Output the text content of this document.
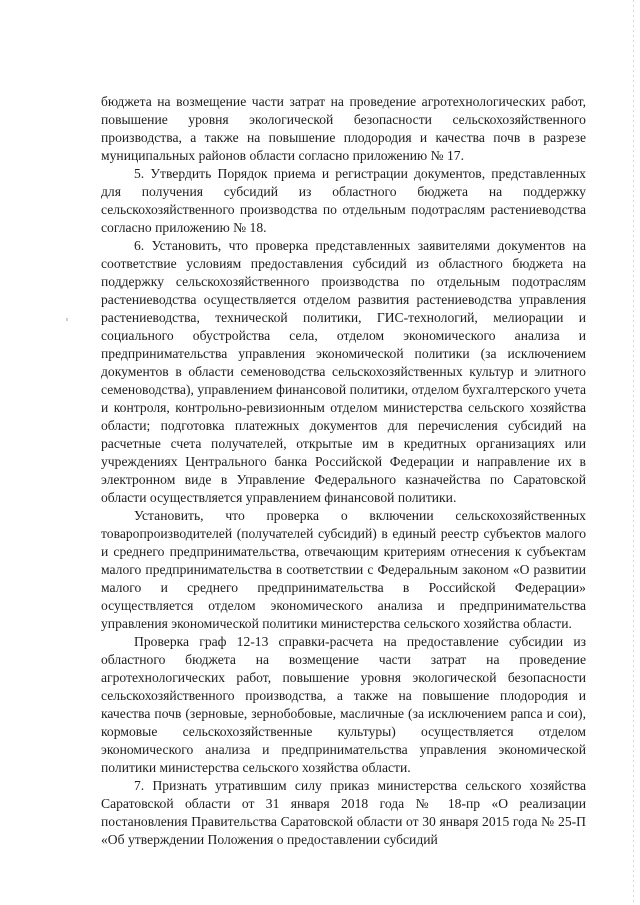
бюджета на возмещение части затрат на проведение агротехнологических работ, повышение уровня экологической безопасности сельскохозяйственного производства, а также на повышение плодородия и качества почв в разрезе муниципальных районов области согласно приложению № 17.

5. Утвердить Порядок приема и регистрации документов, представленных для получения субсидий из областного бюджета на поддержку сельскохозяйственного производства по отдельным подотраслям растениеводства согласно приложению № 18.

6. Установить, что проверка представленных заявителями документов на соответствие условиям предоставления субсидий из областного бюджета на поддержку сельскохозяйственного производства по отдельным подотраслям растениеводства осуществляется отделом развития растениеводства управления растениеводства, технической политики, ГИС-технологий, мелиорации и социального обустройства села, отделом экономического анализа и предпринимательства управления экономической политики (за исключением документов в области семеноводства сельскохозяйственных культур и элитного семеноводства), управлением финансовой политики, отделом бухгалтерского учета и контроля, контрольно-ревизионным отделом министерства сельского хозяйства области; подготовка платежных документов для перечисления субсидий на расчетные счета получателей, открытые им в кредитных организациях или учреждениях Центрального банка Российской Федерации и направление их в электронном виде в Управление Федерального казначейства по Саратовской области осуществляется управлением финансовой политики.

Установить, что проверка о включении сельскохозяйственных товаропроизводителей (получателей субсидий) в единый реестр субъектов малого и среднего предпринимательства, отвечающим критериям отнесения к субъектам малого предпринимательства в соответствии с Федеральным законом «О развитии малого и среднего предпринимательства в Российской Федерации» осуществляется отделом экономического анализа и предпринимательства управления экономической политики министерства сельского хозяйства области.

Проверка граф 12-13 справки-расчета на предоставление субсидии из областного бюджета на возмещение части затрат на проведение агротехнологических работ, повышение уровня экологической безопасности сельскохозяйственного производства, а также на повышение плодородия и качества почв (зерновые, зернобобовые, масличные (за исключением рапса и сои), кормовые сельскохозяйственные культуры) осуществляется отделом экономического анализа и предпринимательства управления экономической политики министерства сельского хозяйства области.

7. Признать утратившим силу приказ министерства сельского хозяйства Саратовской области от 31 января 2018 года № 18-пр «О реализации постановления Правительства Саратовской области от 30 января 2015 года № 25-П «Об утверждении Положения о предоставлении субсидий
